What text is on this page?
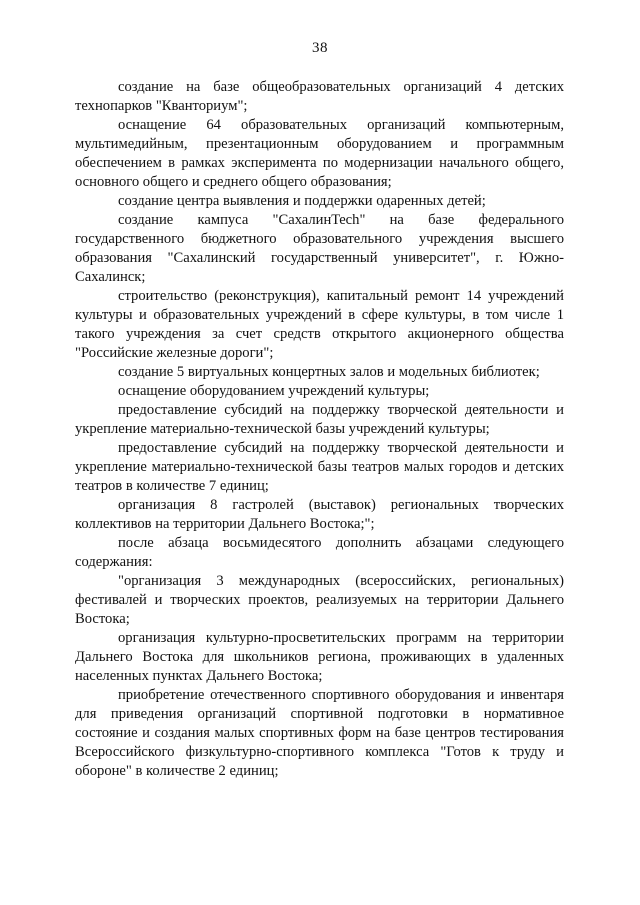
38

создание на базе общеобразовательных организаций 4 детских технопарков "Кванториум";

оснащение 64 образовательных организаций компьютерным, мультимедийным, презентационным оборудованием и программным обеспечением в рамках эксперимента по модернизации начального общего, основного общего и среднего общего образования;

создание центра выявления и поддержки одаренных детей;

создание кампуса "СахалинTech" на базе федерального государственного бюджетного образовательного учреждения высшего образования "Сахалинский государственный университет", г. Южно-Сахалинск;

строительство (реконструкция), капитальный ремонт 14 учреждений культуры и образовательных учреждений в сфере культуры, в том числе 1 такого учреждения за счет средств открытого акционерного общества "Российские железные дороги";

создание 5 виртуальных концертных залов и модельных библиотек;

оснащение оборудованием учреждений культуры;

предоставление субсидий на поддержку творческой деятельности и укрепление материально-технической базы учреждений культуры;

предоставление субсидий на поддержку творческой деятельности и укрепление материально-технической базы театров малых городов и детских театров в количестве 7 единиц;

организация 8 гастролей (выставок) региональных творческих коллективов на территории Дальнего Востока;";

после абзаца восьмидесятого дополнить абзацами следующего содержания:

"организация 3 международных (всероссийских, региональных) фестивалей и творческих проектов, реализуемых на территории Дальнего Востока;

организация культурно-просветительских программ на территории Дальнего Востока для школьников региона, проживающих в удаленных населенных пунктах Дальнего Востока;

приобретение отечественного спортивного оборудования и инвентаря для приведения организаций спортивной подготовки в нормативное состояние и создания малых спортивных форм на базе центров тестирования Всероссийского физкультурно-спортивного комплекса "Готов к труду и обороне" в количестве 2 единиц;
